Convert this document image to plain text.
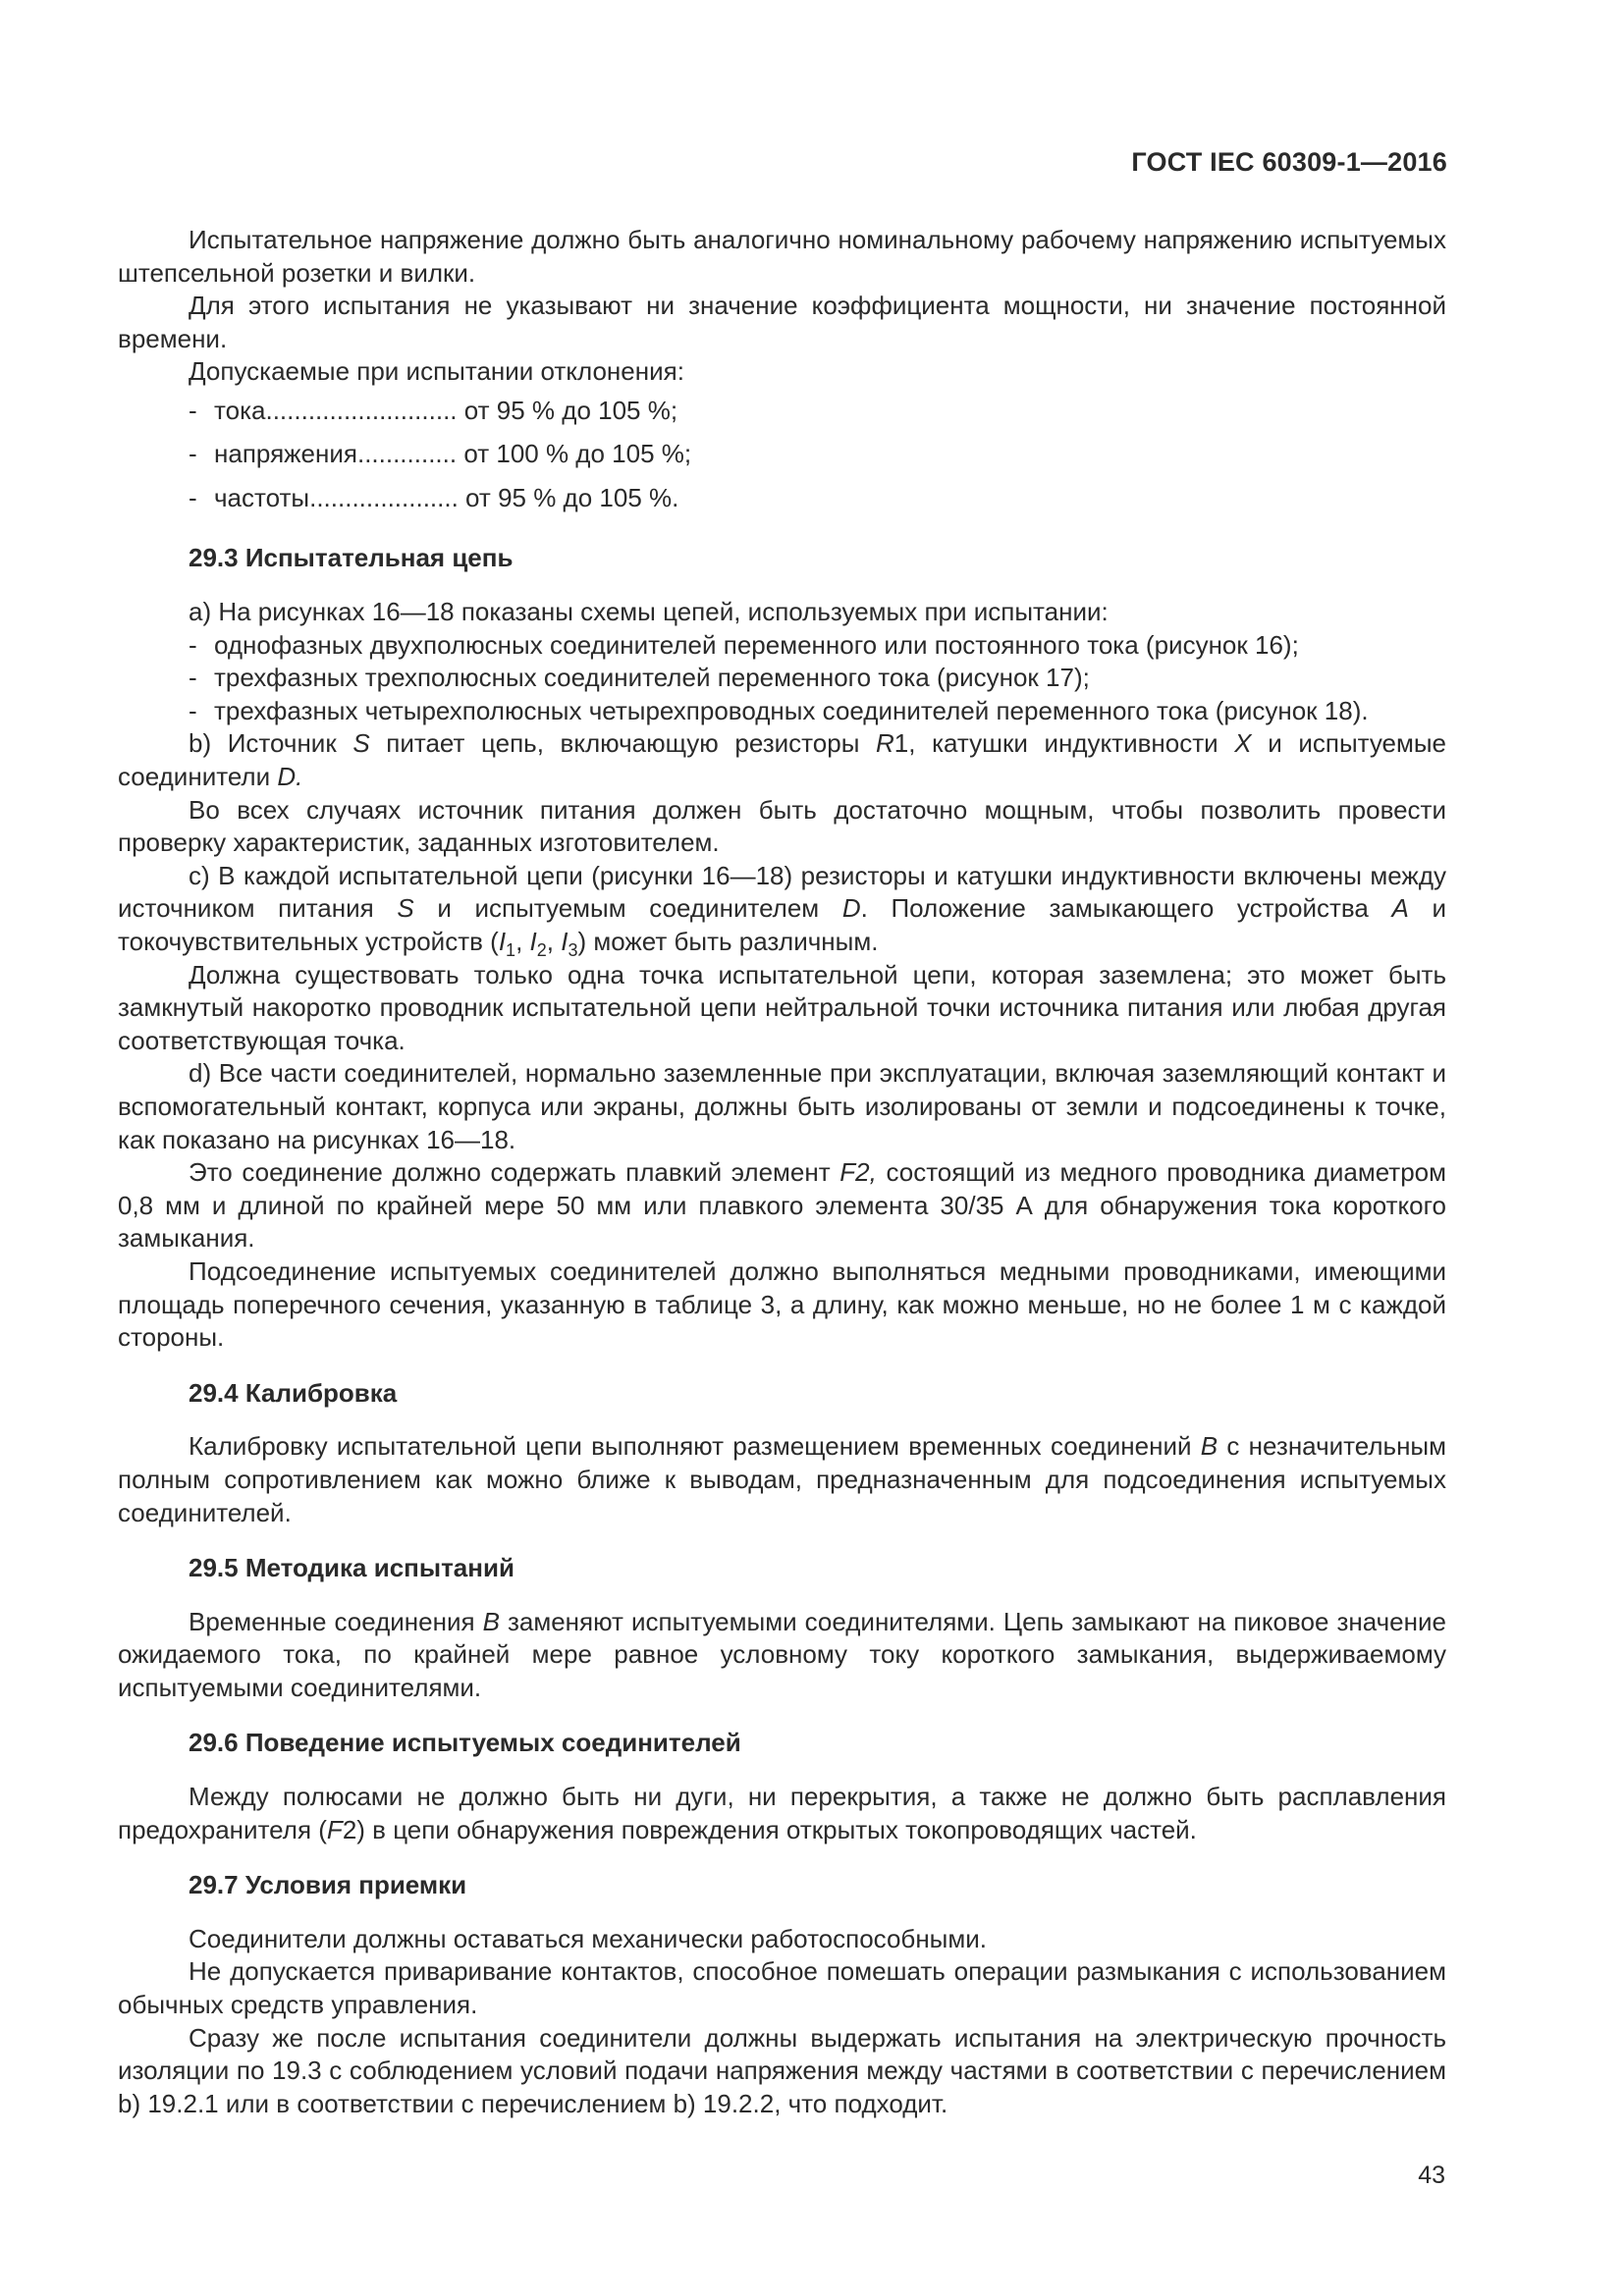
ГОСТ IEC 60309-1—2016

Испытательное напряжение должно быть аналогично номинальному рабочему напряжению испытуемых штепсельной розетки и вилки.

Для этого испытания не указывают ни значение коэффициента мощности, ни значение постоянной времени.

Допускаемые при испытании отклонения:

- тока ...........................
от 95 % до 105 %;
- напряжения ..............
от 100 % до 105 %;
- частоты .....................
от 95 % до 105 %.
29.3 Испытательная цепь

а) На рисунках 16—18 показаны схемы цепей, используемых при испытании:

- однофазных двухполюсных соединителей переменного или постоянного тока (рисунок 16);
- трехфазных трехполюсных соединителей переменного тока (рисунок 17);
- трехфазных четырехполюсных четырехпроводных соединителей переменного тока (рисунок 18).

b) Источник S питает цепь, включающую резисторы R1, катушки индуктивности X и испытуемые соединители D.

Во всех случаях источник питания должен быть достаточно мощным, чтобы позволить провести проверку характеристик, заданных изготовителем.

с) В каждой испытательной цепи (рисунки 16—18) резисторы и катушки индуктивности включены между источником питания S и испытуемым соединителем D. Положение замыкающего устройства A и токочувствительных устройств ($I_1$, $I_2$, $I_3$) может быть различным.

Должна существовать только одна точка испытательной цепи, которая заземлена; это может быть замкнутый накоротко проводник испытательной цепи нейтральной точки источника питания или любая другая соответствующая точка.

d) Все части соединителей, нормально заземленные при эксплуатации, включая заземляющий контакт и вспомогательный контакт, корпуса или экраны, должны быть изолированы от земли и подсоединены к точке, как показано на рисунках 16—18.

Это соединение должно содержать плавкий элемент F2, состоящий из медного проводника диаметром 0,8 мм и длиной по крайней мере 50 мм или плавкого элемента 30/35 А для обнаружения тока короткого замыкания.

Подсоединение испытуемых соединителей должно выполняться медными проводниками, имеющими площадь поперечного сечения, указанную в таблице 3, а длину, как можно меньше, но не более 1 м с каждой стороны.

29.4 Калибровка

Калибровку испытательной цепи выполняют размещением временных соединений B с незначительным полным сопротивлением как можно ближе к выводам, предназначенным для подсоединения испытуемых соединителей.

29.5 Методика испытаний

Временные соединения B заменяют испытуемыми соединителями. Цепь замыкают на пиковое значение ожидаемого тока, по крайней мере равное условному току короткого замыкания, выдерживаемому испытуемыми соединителями.

29.6 Поведение испытуемых соединителей

Между полюсами не должно быть ни дуги, ни перекрытия, а также не должно быть расплавления предохранителя (F2) в цепи обнаружения повреждения открытых токопроводящих частей.

29.7 Условия приемки

Соединители должны оставаться механически работоспособными.

Не допускается приваривание контактов, способное помешать операции размыкания с использованием обычных средств управления.

Сразу же после испытания соединители должны выдержать испытания на электрическую прочность изоляции по 19.3 с соблюдением условий подачи напряжения между частями в соответствии с перечислением b) 19.2.1 или в соответствии с перечислением b) 19.2.2, что подходит.

43
